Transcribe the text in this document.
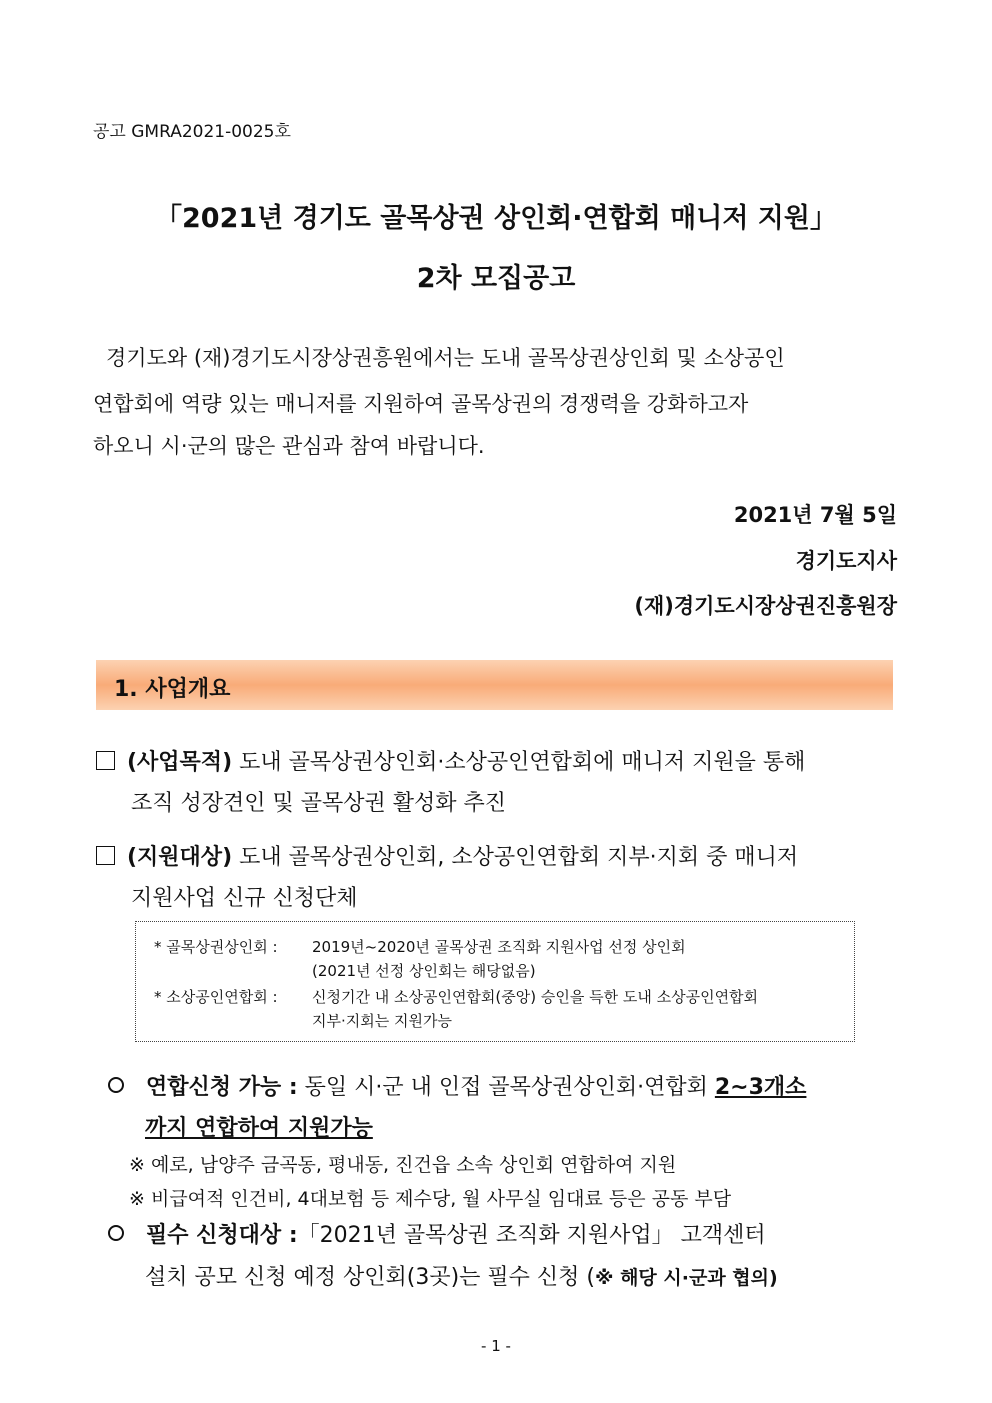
공고 GMRA2021-0025호
「2021년 경기도 골목상권 상인회·연합회 매니저 지원」
2차 모집공고
경기도와 (재)경기도시장상권흥원에서는 도내 골목상권상인회 및 소상공인
연합회에 역량 있는 매니저를 지원하여 골목상권의 경쟁력을 강화하고자
하오니 시·군의 많은 관심과 참여 바랍니다.
2021년 7월 5일
경기도지사
(재)경기도시장상권진흥원장
1. 사업개요
(사업목적) 도내 골목상권상인회·소상공인연합회에 매니저 지원을 통해
조직 성장견인 및 골목상권 활성화 추진
(지원대상) 도내 골목상권상인회, 소상공인연합회 지부·지회 중 매니저
지원사업 신규 신청단체
* 골목상권상인회 : 2019년~2020년 골목상권 조직화 지원사업 선정 상인회
(2021년 선정 상인회는 해당없음)
* 소상공인연합회 : 신청기간 내 소상공인연합회(중앙) 승인을 득한 도내 소상공인연합회
지부·지회는 지원가능
연합신청 가능 : 동일 시·군 내 인접 골목상권상인회·연합회 2~3개소
까지 연합하여 지원가능
※ 예로, 남양주 금곡동, 평내동, 진건읍 소속 상인회 연합하여 지원
※ 비급여적 인건비, 4대보험 등 제수당, 월 사무실 임대료 등은 공동 부담
필수 신청대상 :「2021년 골목상권 조직화 지원사업」 고객센터
설치 공모 신청 예정 상인회(3곳)는 필수 신청 (※ 해당 시·군과 협의)
- 1 -
